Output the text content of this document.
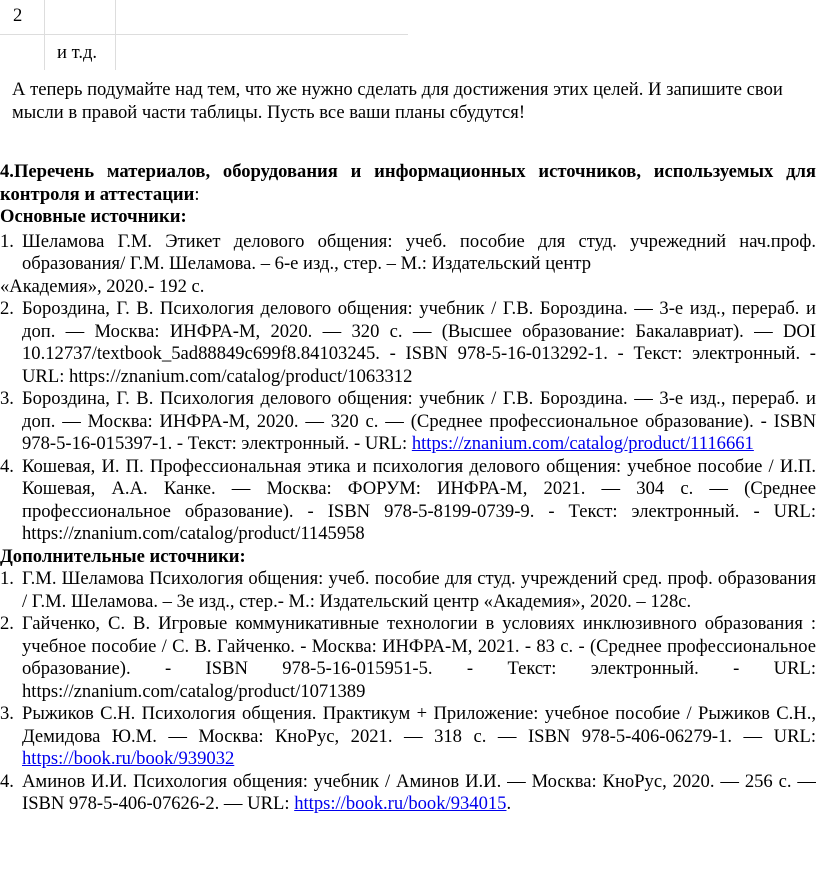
2
и т.д.
А теперь подумайте над тем, что же нужно сделать для достижения этих целей. И запишите свои мысли в правой части таблицы. Пусть все ваши планы сбудутся!
4.Перечень материалов, оборудования и информационных источников, используемых для контроля и аттестации:
Основные источники:
1. Шеламова Г.М. Этикет делового общения: учеб. пособие для студ. учрежедний нач.проф. образования/ Г.М. Шеламова. – 6-е изд., стер. – М.: Издательский центр
«Академия», 2020.- 192 с.
2. Бороздина, Г. В. Психология делового общения: учебник / Г.В. Бороздина. — 3-е изд., перераб. и доп. — Москва: ИНФРА-М, 2020. — 320 с. — (Высшее образование: Бакалавриат). — DOI 10.12737/textbook_5ad88849c699f8.84103245. - ISBN 978-5-16-013292-1. - Текст: электронный. - URL: https://znanium.com/catalog/product/1063312
3. Бороздина, Г. В. Психология делового общения: учебник / Г.В. Бороздина. — 3-е изд., перераб. и доп. — Москва: ИНФРА-М, 2020. — 320 с. — (Среднее профессиональное образование). - ISBN 978-5-16-015397-1. - Текст: электронный. - URL: https://znanium.com/catalog/product/1116661
4. Кошевая, И. П. Профессиональная этика и психология делового общения: учебное пособие / И.П. Кошевая, А.А. Канке. — Москва: ФОРУМ: ИНФРА-М, 2021. — 304 с. — (Среднее профессиональное образование). - ISBN 978-5-8199-0739-9. - Текст: электронный. - URL: https://znanium.com/catalog/product/1145958
Дополнительные источники:
1. Г.М. Шеламова Психология общения: учеб. пособие для студ. учреждений сред. проф. образования / Г.М. Шеламова. – 3е изд., стер.- М.: Издательский центр «Академия», 2020. – 128с.
2. Гайченко, С. В. Игровые коммуникативные технологии в условиях инклюзивного образования : учебное пособие / С. В. Гайченко. - Москва: ИНФРА-М, 2021. - 83 с. - (Среднее профессиональное образование). - ISBN 978-5-16-015951-5. - Текст: электронный. - URL: https://znanium.com/catalog/product/1071389
3. Рыжиков С.Н. Психология общения. Практикум + Приложение: учебное пособие / Рыжиков С.Н., Демидова Ю.М. — Москва: КноРус, 2021. — 318 с. — ISBN 978-5-406-06279-1. — URL: https://book.ru/book/939032
4. Аминов И.И. Психология общения: учебник / Аминов И.И. — Москва: КноРус, 2020. — 256 с. — ISBN 978-5-406-07626-2. — URL: https://book.ru/book/934015.
